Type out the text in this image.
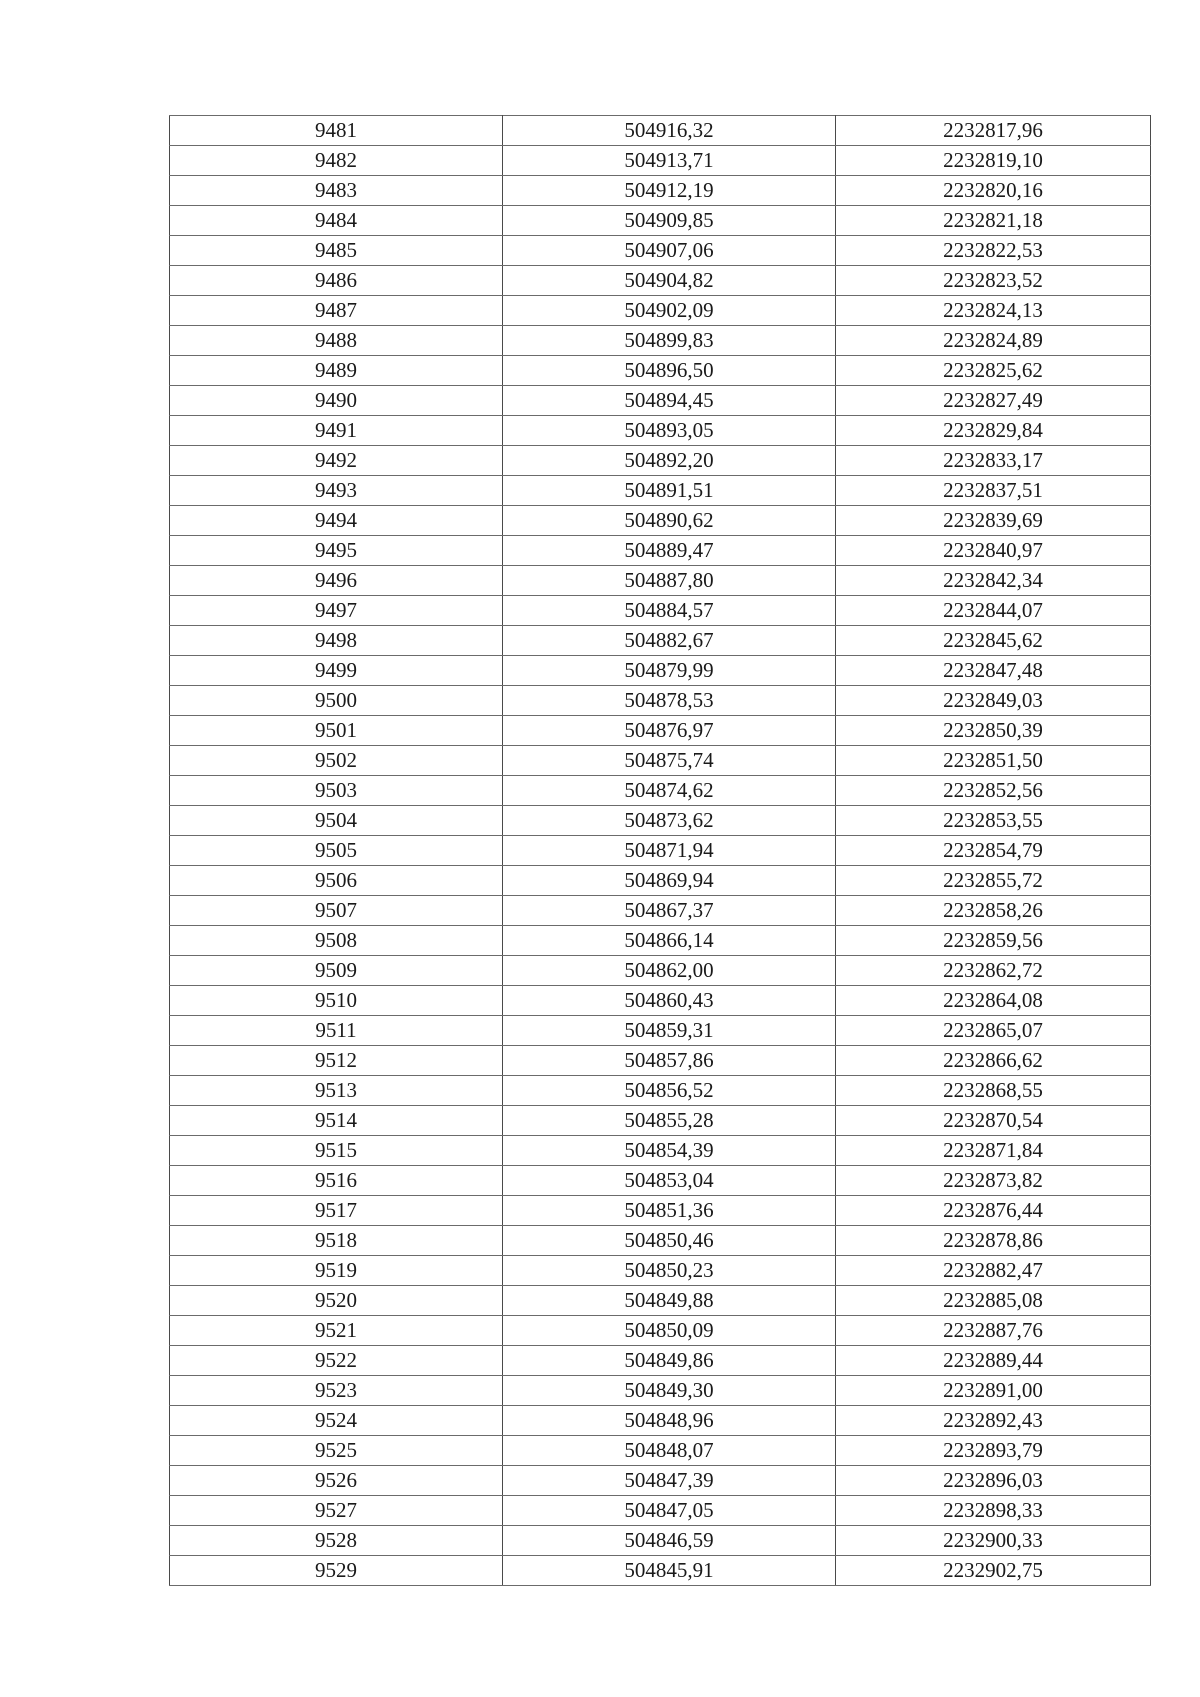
9481	504916,32	2232817,96
9482	504913,71	2232819,10
9483	504912,19	2232820,16
9484	504909,85	2232821,18
9485	504907,06	2232822,53
9486	504904,82	2232823,52
9487	504902,09	2232824,13
9488	504899,83	2232824,89
9489	504896,50	2232825,62
9490	504894,45	2232827,49
9491	504893,05	2232829,84
9492	504892,20	2232833,17
9493	504891,51	2232837,51
9494	504890,62	2232839,69
9495	504889,47	2232840,97
9496	504887,80	2232842,34
9497	504884,57	2232844,07
9498	504882,67	2232845,62
9499	504879,99	2232847,48
9500	504878,53	2232849,03
9501	504876,97	2232850,39
9502	504875,74	2232851,50
9503	504874,62	2232852,56
9504	504873,62	2232853,55
9505	504871,94	2232854,79
9506	504869,94	2232855,72
9507	504867,37	2232858,26
9508	504866,14	2232859,56
9509	504862,00	2232862,72
9510	504860,43	2232864,08
9511	504859,31	2232865,07
9512	504857,86	2232866,62
9513	504856,52	2232868,55
9514	504855,28	2232870,54
9515	504854,39	2232871,84
9516	504853,04	2232873,82
9517	504851,36	2232876,44
9518	504850,46	2232878,86
9519	504850,23	2232882,47
9520	504849,88	2232885,08
9521	504850,09	2232887,76
9522	504849,86	2232889,44
9523	504849,30	2232891,00
9524	504848,96	2232892,43
9525	504848,07	2232893,79
9526	504847,39	2232896,03
9527	504847,05	2232898,33
9528	504846,59	2232900,33
9529	504845,91	2232902,75
